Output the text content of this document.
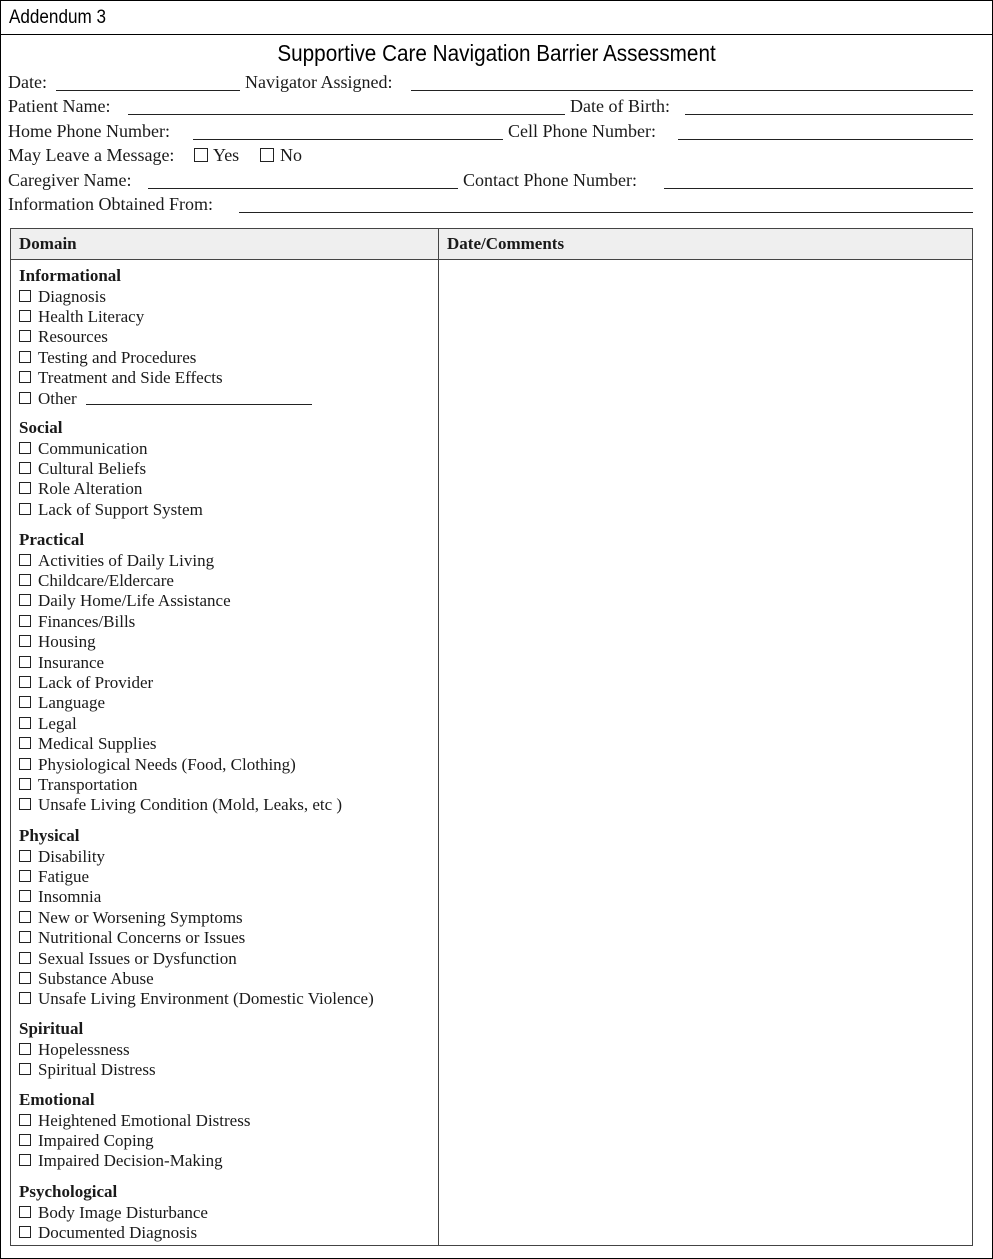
Addendum 3
Supportive Care Navigation Barrier Assessment
Date:	Navigator Assigned:
Patient Name:	Date of Birth:
Home Phone Number:	Cell Phone Number:
May Leave a Message: Yes No
Caregiver Name:	Contact Phone Number:
Information Obtained From:
Domain	Date/Comments
Informational
Diagnosis
Health Literacy
Resources
Testing and Procedures
Treatment and Side Effects
Other
Social
Communication
Cultural Beliefs
Role Alteration
Lack of Support System
Practical
Activities of Daily Living
Childcare/Eldercare
Daily Home/Life Assistance
Finances/Bills
Housing
Insurance
Lack of Provider
Language
Legal
Medical Supplies
Physiological Needs (Food, Clothing)
Transportation
Unsafe Living Condition (Mold, Leaks, etc )
Physical
Disability
Fatigue
Insomnia
New or Worsening Symptoms
Nutritional Concerns or Issues
Sexual Issues or Dysfunction
Substance Abuse
Unsafe Living Environment (Domestic Violence)
Spiritual
Hopelessness
Spiritual Distress
Emotional
Heightened Emotional Distress
Impaired Coping
Impaired Decision-Making
Psychological
Body Image Disturbance
Documented Diagnosis
